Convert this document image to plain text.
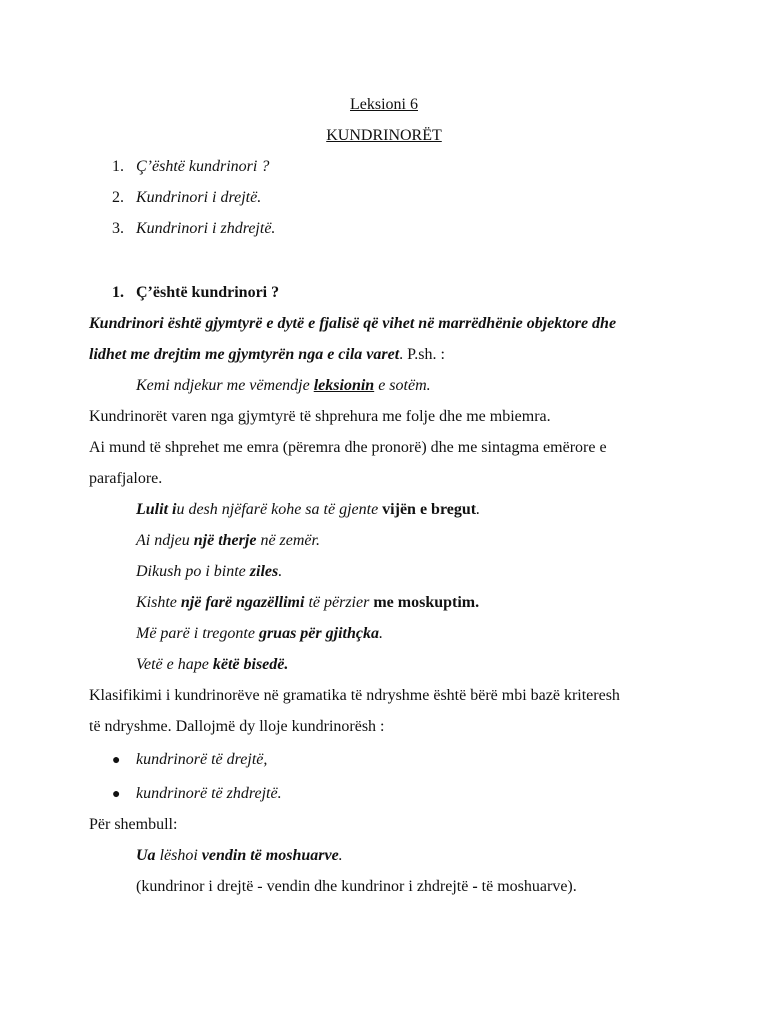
Leksioni 6
KUNDRINORËT
1. Ç’është kundrinori ?
2. Kundrinori i drejtë.
3. Kundrinori i zhdrejtë.
1. Ç’është kundrinori ?
Kundrinori është gjymtyrë e dytë e fjalisë që vihet në marrëdhënie objektore dhe
lidhet me drejtim me gjymtyrën nga e cila varet. P.sh. :
Kemi ndjekur me vëmendje leksionin e sotëm.
Kundrinorët varen nga gjymtyrë të shprehura me folje dhe me mbiemra.
Ai mund të shprehet me emra (përemra dhe pronorë) dhe me sintagma emërore e
parafjalore.
Lulit iu desh njëfarë kohe sa të gjente vijën e bregut.
Ai ndjeu një therje në zemër.
Dikush po i binte ziles.
Kishte një farë ngazëllimi të përzier me moskuptim.
Më parë i tregonte gruas për gjithçka.
Vetë e hape këtë bisedë.
Klasifikimi i kundrinorëve në gramatika të ndryshme është bërë mbi bazë kriteresh
të ndryshme. Dallojmë dy lloje kundrinorësh :
● kundrinorë të drejtë,
● kundrinorë të zhdrejtë.
Për shembull:
Ua lëshoi vendin të moshuarve.
(kundrinor i drejtë - vendin dhe kundrinor i zhdrejtë - të moshuarve).
